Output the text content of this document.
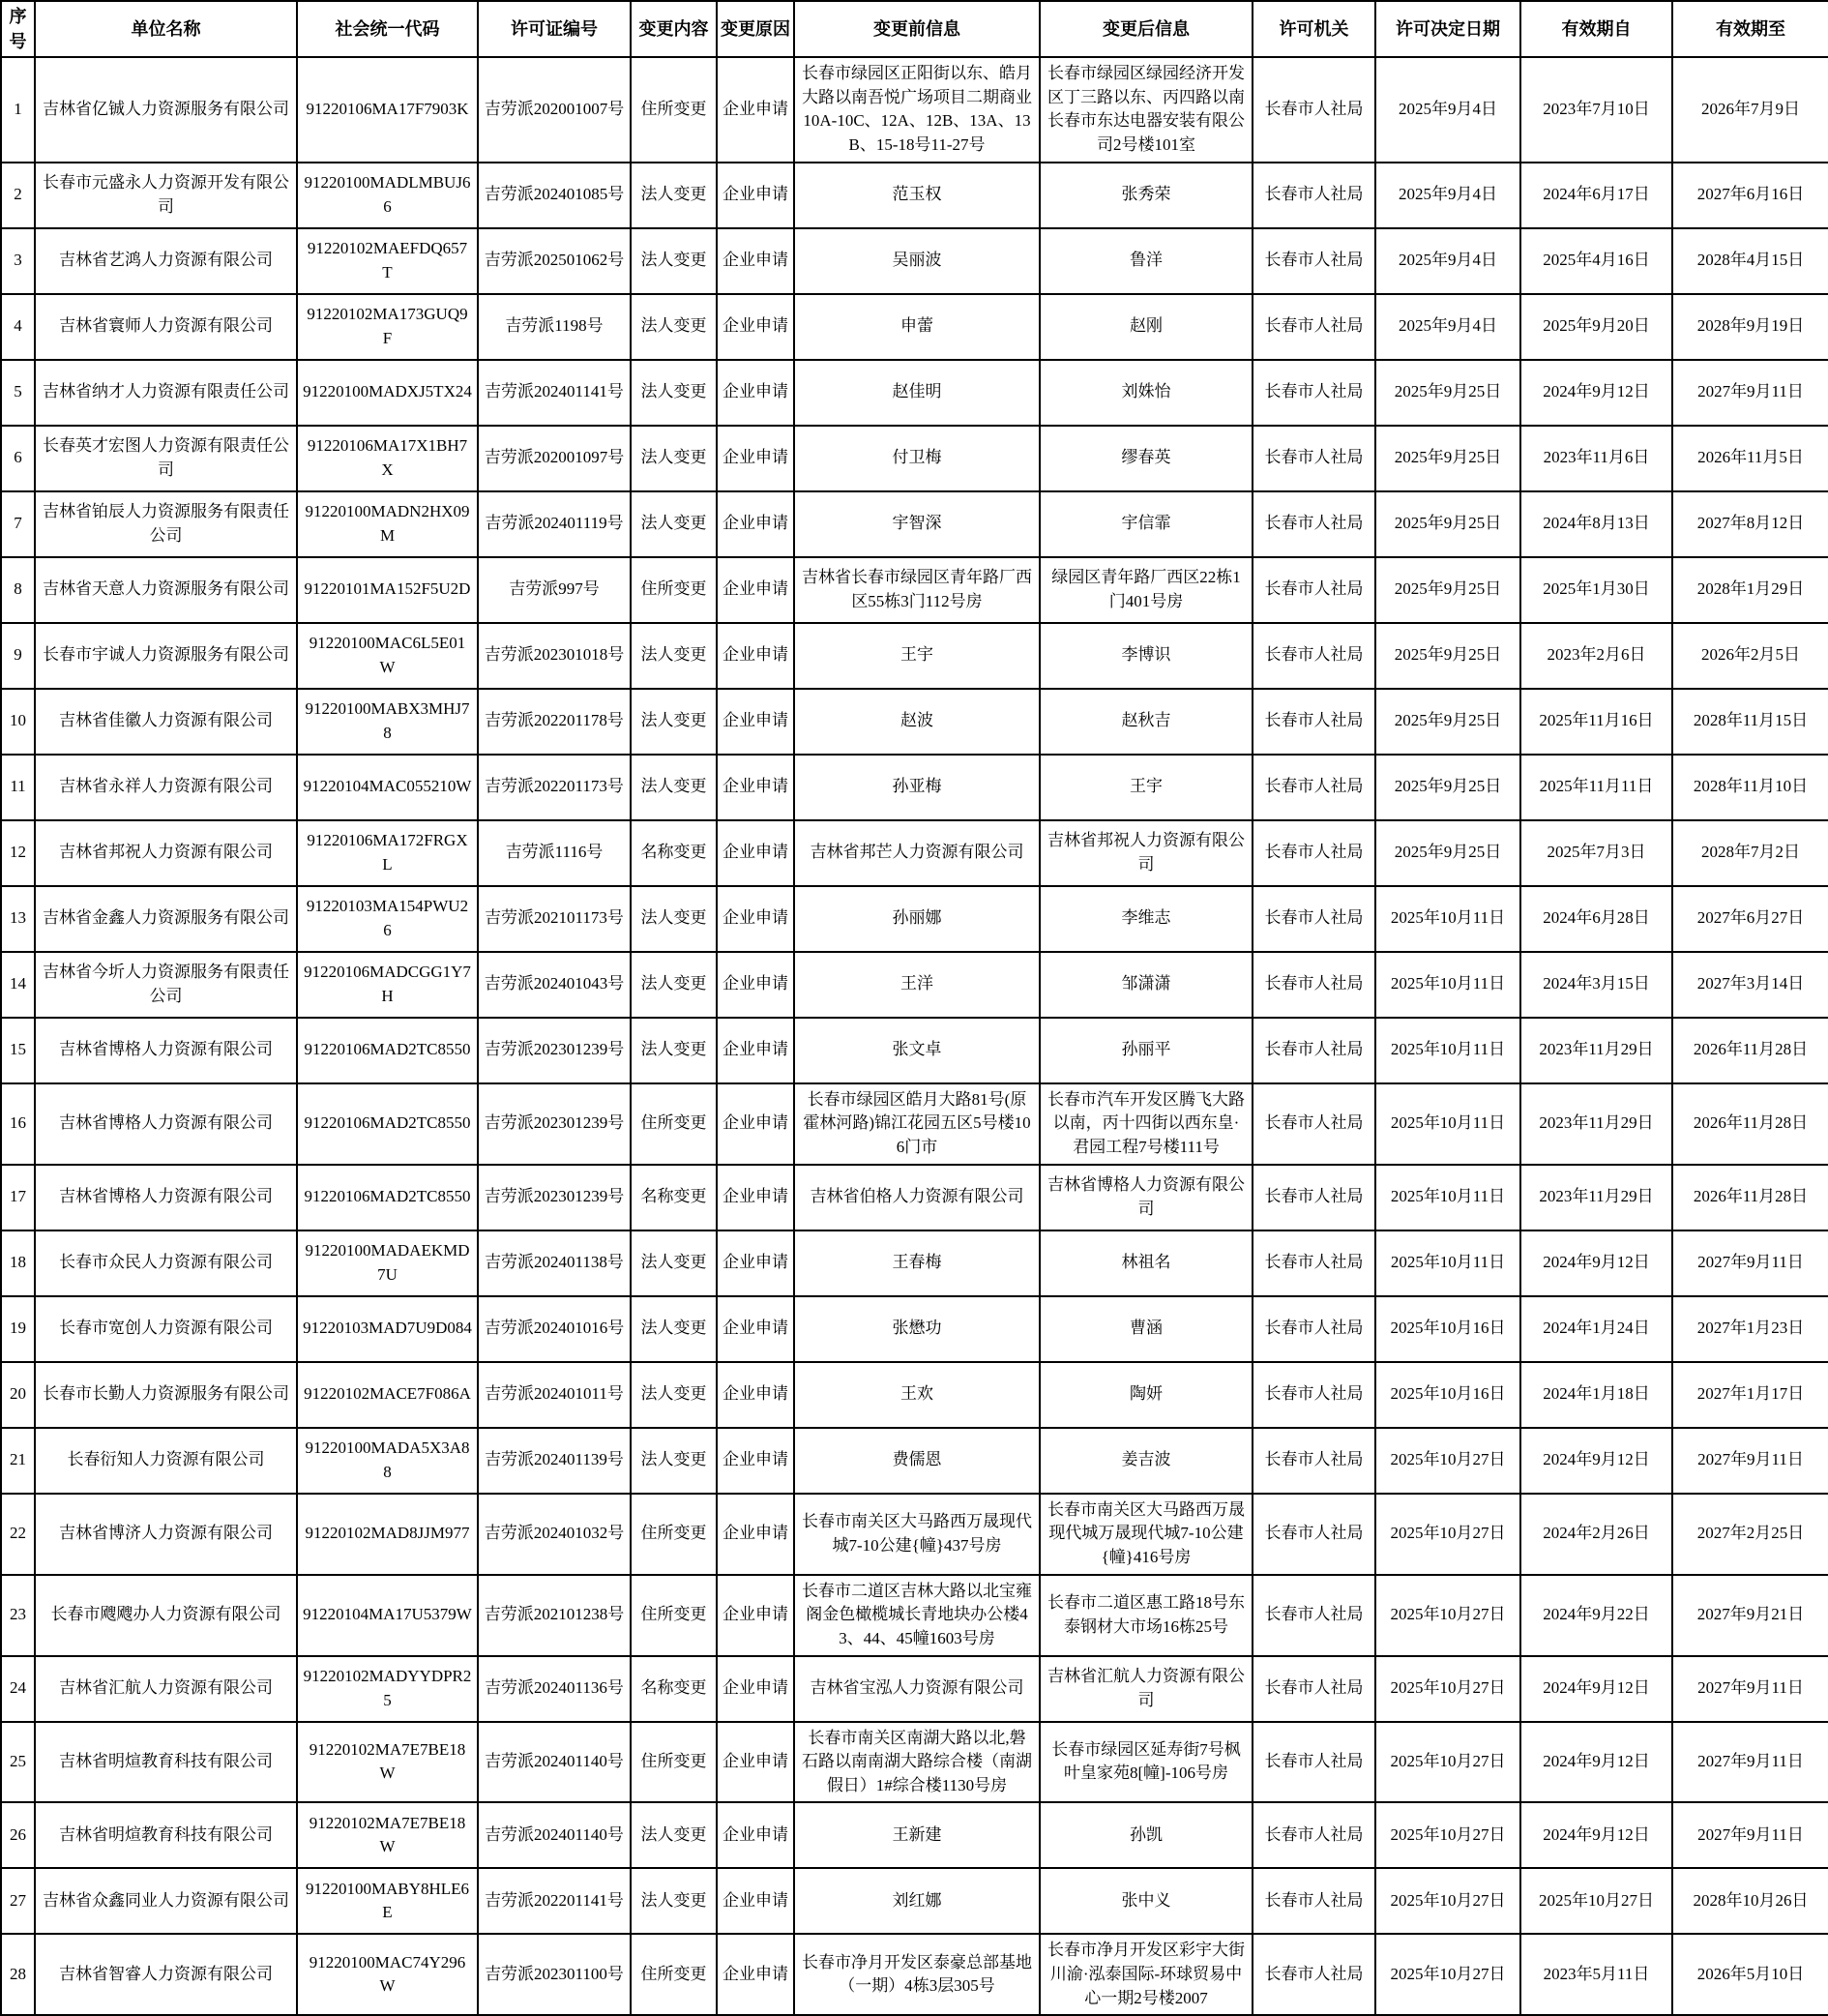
序号	单位名称	社会统一代码	许可证编号	变更内容	变更原因	变更前信息	变更后信息	许可机关	许可决定日期	有效期自	有效期至
1	吉林省亿铖人力资源服务有限公司	91220106MA17F7903K	吉劳派202001007号	住所变更	企业申请	长春市绿园区正阳街以东、皓月大路以南吾悦广场项目二期商业10A-10C、12A、12B、13A、13B、15-18号11-27号	长春市绿园区绿园经济开发区丁三路以东、丙四路以南长春市东达电器安装有限公司2号楼101室	长春市人社局	2025年9月4日	2023年7月10日	2026年7月9日
2	长春市元盛永人力资源开发有限公司	91220100MADLMBUJ66	吉劳派202401085号	法人变更	企业申请	范玉权	张秀荣	长春市人社局	2025年9月4日	2024年6月17日	2027年6月16日
3	吉林省艺鸿人力资源有限公司	91220102MAEFDQ657T	吉劳派202501062号	法人变更	企业申请	吴丽波	鲁洋	长春市人社局	2025年9月4日	2025年4月16日	2028年4月15日
4	吉林省寰师人力资源有限公司	91220102MA173GUQ9F	吉劳派1198号	法人变更	企业申请	申蕾	赵刚	长春市人社局	2025年9月4日	2025年9月20日	2028年9月19日
5	吉林省纳才人力资源有限责任公司	91220100MADXJ5TX24	吉劳派202401141号	法人变更	企业申请	赵佳明	刘姝怡	长春市人社局	2025年9月25日	2024年9月12日	2027年9月11日
6	长春英才宏图人力资源有限责任公司	91220106MA17X1BH7X	吉劳派202001097号	法人变更	企业申请	付卫梅	缪春英	长春市人社局	2025年9月25日	2023年11月6日	2026年11月5日
7	吉林省铂辰人力资源服务有限责任公司	91220100MADN2HX09M	吉劳派202401119号	法人变更	企业申请	宇智深	宇信霏	长春市人社局	2025年9月25日	2024年8月13日	2027年8月12日
8	吉林省天意人力资源服务有限公司	91220101MA152F5U2D	吉劳派997号	住所变更	企业申请	吉林省长春市绿园区青年路厂西区55栋3门112号房	绿园区青年路厂西区22栋1门401号房	长春市人社局	2025年9月25日	2025年1月30日	2028年1月29日
9	长春市宇诚人力资源服务有限公司	91220100MAC6L5E01W	吉劳派202301018号	法人变更	企业申请	王宇	李博识	长春市人社局	2025年9月25日	2023年2月6日	2026年2月5日
10	吉林省佳徽人力资源有限公司	91220100MABX3MHJ78	吉劳派202201178号	法人变更	企业申请	赵波	赵秋吉	长春市人社局	2025年9月25日	2025年11月16日	2028年11月15日
11	吉林省永祥人力资源有限公司	91220104MAC055210W	吉劳派202201173号	法人变更	企业申请	孙亚梅	王宇	长春市人社局	2025年9月25日	2025年11月11日	2028年11月10日
12	吉林省邦祝人力资源有限公司	91220106MA172FRGXL	吉劳派1116号	名称变更	企业申请	吉林省邦芒人力资源有限公司	吉林省邦祝人力资源有限公司	长春市人社局	2025年9月25日	2025年7月3日	2028年7月2日
13	吉林省金鑫人力资源服务有限公司	91220103MA154PWU26	吉劳派202101173号	法人变更	企业申请	孙丽娜	李维志	长春市人社局	2025年10月11日	2024年6月28日	2027年6月27日
14	吉林省今圻人力资源服务有限责任公司	91220106MADCGG1Y7H	吉劳派202401043号	法人变更	企业申请	王洋	邹潇潇	长春市人社局	2025年10月11日	2024年3月15日	2027年3月14日
15	吉林省博格人力资源有限公司	91220106MAD2TC8550	吉劳派202301239号	法人变更	企业申请	张文卓	孙丽平	长春市人社局	2025年10月11日	2023年11月29日	2026年11月28日
16	吉林省博格人力资源有限公司	91220106MAD2TC8550	吉劳派202301239号	住所变更	企业申请	长春市绿园区皓月大路81号(原霍林河路)锦江花园五区5号楼106门市	长春市汽车开发区腾飞大路以南，丙十四街以西东皇·君园工程7号楼111号	长春市人社局	2025年10月11日	2023年11月29日	2026年11月28日
17	吉林省博格人力资源有限公司	91220106MAD2TC8550	吉劳派202301239号	名称变更	企业申请	吉林省伯格人力资源有限公司	吉林省博格人力资源有限公司	长春市人社局	2025年10月11日	2023年11月29日	2026年11月28日
18	长春市众民人力资源有限公司	91220100MADAEKMD7U	吉劳派202401138号	法人变更	企业申请	王春梅	林祖名	长春市人社局	2025年10月11日	2024年9月12日	2027年9月11日
19	长春市宽创人力资源有限公司	91220103MAD7U9D084	吉劳派202401016号	法人变更	企业申请	张懋功	曹涵	长春市人社局	2025年10月16日	2024年1月24日	2027年1月23日
20	长春市长勤人力资源服务有限公司	91220102MACE7F086A	吉劳派202401011号	法人变更	企业申请	王欢	陶妍	长春市人社局	2025年10月16日	2024年1月18日	2027年1月17日
21	长春衍知人力资源有限公司	91220100MADA5X3A88	吉劳派202401139号	法人变更	企业申请	费儒恩	姜吉波	长春市人社局	2025年10月27日	2024年9月12日	2027年9月11日
22	吉林省博济人力资源有限公司	91220102MAD8JJM977	吉劳派202401032号	住所变更	企业申请	长春市南关区大马路西万晟现代城7-10公建{幢}437号房	长春市南关区大马路西万晟现代城万晟现代城7-10公建{幢}416号房	长春市人社局	2025年10月27日	2024年2月26日	2027年2月25日
23	长春市飕飕办人力资源有限公司	91220104MA17U5379W	吉劳派202101238号	住所变更	企业申请	长春市二道区吉林大路以北宝雍阁金色橄榄城长青地块办公楼43、44、45幢1603号房	长春市二道区惠工路18号东泰钢材大市场16栋25号	长春市人社局	2025年10月27日	2024年9月22日	2027年9月21日
24	吉林省汇航人力资源有限公司	91220102MADYYDPR25	吉劳派202401136号	名称变更	企业申请	吉林省宝泓人力资源有限公司	吉林省汇航人力资源有限公司	长春市人社局	2025年10月27日	2024年9月12日	2027年9月11日
25	吉林省明煊教育科技有限公司	91220102MA7E7BE18W	吉劳派202401140号	住所变更	企业申请	长春市南关区南湖大路以北,磐石路以南南湖大路综合楼（南湖假日）1#综合楼1130号房	长春市绿园区延寿街7号枫叶皇家苑8[幢]-106号房	长春市人社局	2025年10月27日	2024年9月12日	2027年9月11日
26	吉林省明煊教育科技有限公司	91220102MA7E7BE18W	吉劳派202401140号	法人变更	企业申请	王新建	孙凯	长春市人社局	2025年10月27日	2024年9月12日	2027年9月11日
27	吉林省众鑫同业人力资源有限公司	91220100MABY8HLE6E	吉劳派202201141号	法人变更	企业申请	刘红娜	张中义	长春市人社局	2025年10月27日	2025年10月27日	2028年10月26日
28	吉林省智睿人力资源有限公司	91220100MAC74Y296W	吉劳派202301100号	住所变更	企业申请	长春市净月开发区泰豪总部基地（一期）4栋3层305号	长春市净月开发区彩宇大街川渝·泓泰国际-环球贸易中心一期2号楼2007	长春市人社局	2025年10月27日	2023年5月11日	2026年5月10日
